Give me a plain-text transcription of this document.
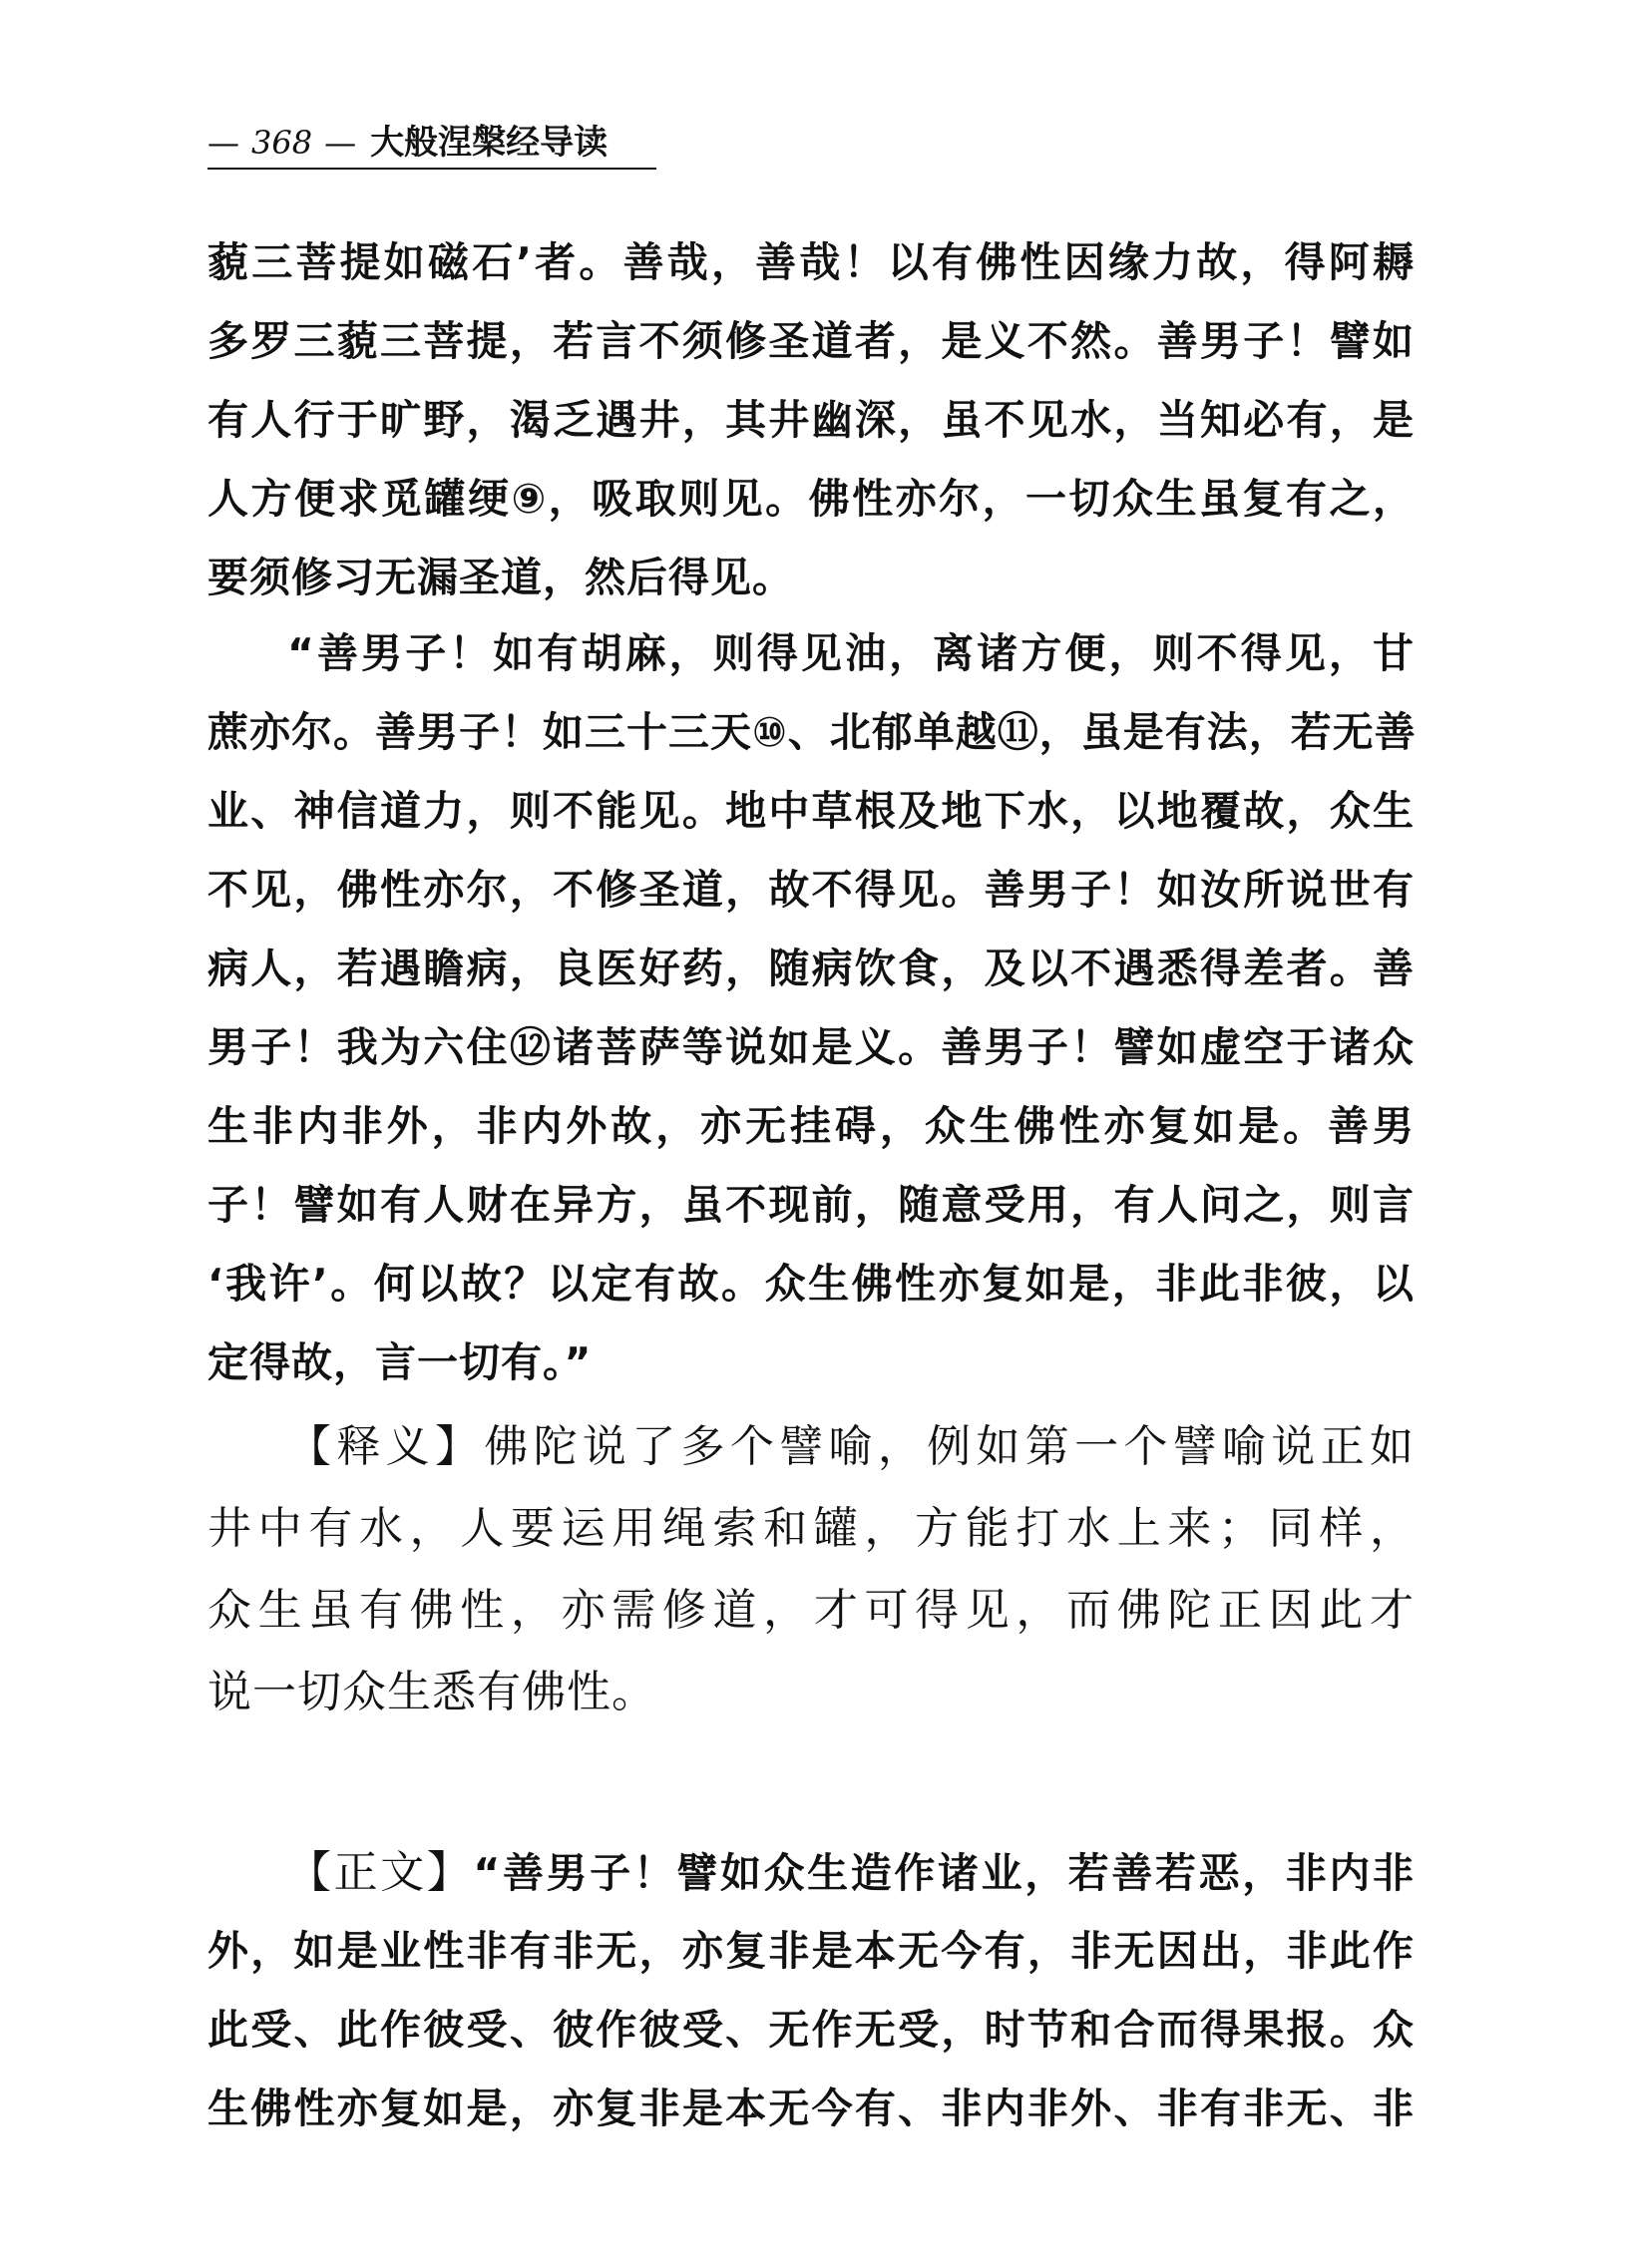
— 368 — 大般涅槃经导读
藐三菩提如磁石’者。善哉，善哉！以有佛性因缘力故，得阿耨
多罗三藐三菩提，若言不须修圣道者，是义不然。善男子！譬如
有人行于旷野，渴乏遇井，其井幽深，虽不见水，当知必有，是
人方便求觅罐绠⑨，吸取则见。佛性亦尔，一切众生虽复有之，
要须修习无漏圣道，然后得见。
“善男子！如有胡麻，则得见油，离诸方便，则不得见，甘
蔗亦尔。善男子！如三十三天⑩、北郁单越⑪，虽是有法，若无善
业、神信道力，则不能见。地中草根及地下水，以地覆故，众生
不见，佛性亦尔，不修圣道，故不得见。善男子！如汝所说世有
病人，若遇瞻病，良医好药，随病饮食，及以不遇悉得差者。善
男子！我为六住⑫诸菩萨等说如是义。善男子！譬如虚空于诸众
生非内非外，非内外故，亦无挂碍，众生佛性亦复如是。善男
子！譬如有人财在异方，虽不现前，随意受用，有人问之，则言
‘我许’。何以故？以定有故。众生佛性亦复如是，非此非彼，以
定得故，言一切有。”
【释义】佛陀说了多个譬喻，例如第一个譬喻说正如
井中有水，人要运用绳索和罐，方能打水上来；同样，
众生虽有佛性，亦需修道，才可得见，而佛陀正因此才
说一切众生悉有佛性。
【正文】“善男子！譬如众生造作诸业，若善若恶，非内非
外，如是业性非有非无，亦复非是本无今有，非无因出，非此作
此受、此作彼受、彼作彼受、无作无受，时节和合而得果报。众
生佛性亦复如是，亦复非是本无今有、非内非外、非有非无、非
